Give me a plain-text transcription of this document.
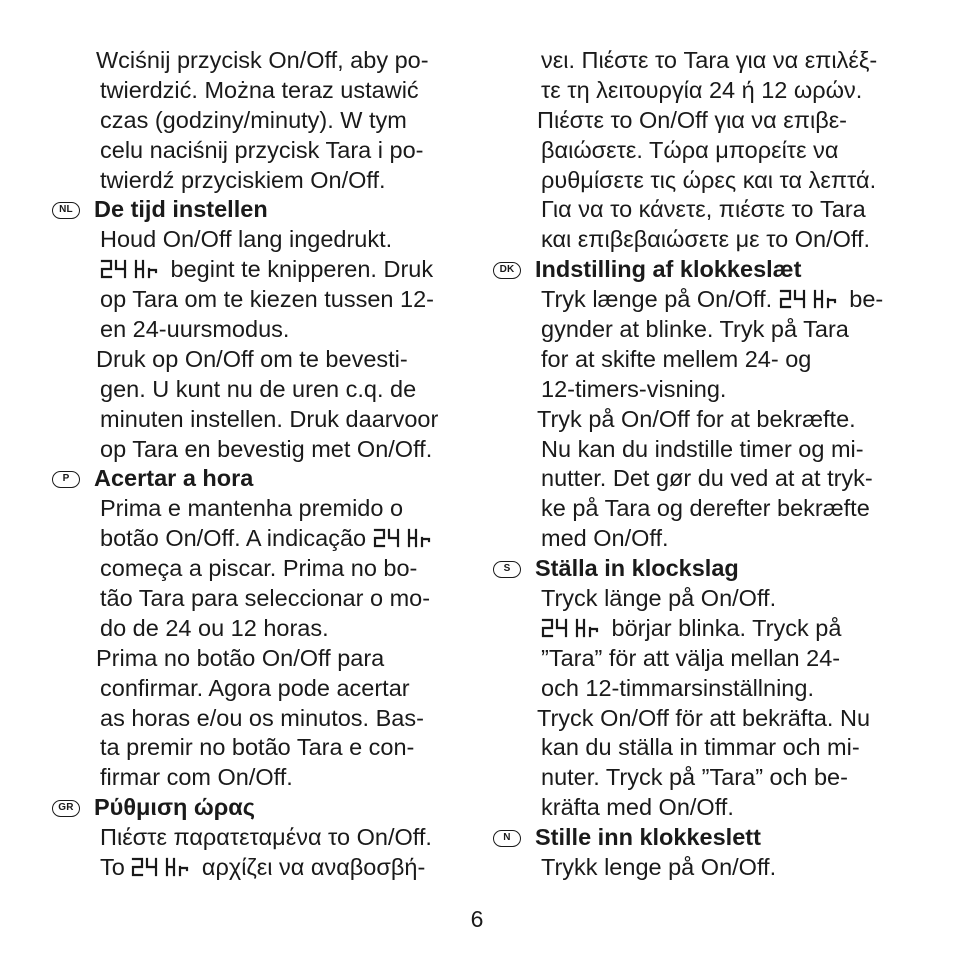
Wciśnij przycisk On/Off, aby po-
twierdzić. Można teraz ustawić
czas (godziny/minuty). W tym
celu naciśnij przycisk Tara i po-
twierdź przyciskiem On/Off.
NL De tijd instellen
Houd On/Off lang ingedrukt.
begint te knipperen. Druk
op Tara om te kiezen tussen 12-
en 24-uursmodus.
Druk op On/Off om te bevesti-
gen. U kunt nu de uren c.q. de
minuten instellen. Druk daarvoor
op Tara en bevestig met On/Off.
P	Acertar a hora
Prima e mantenha premido o
botão On/Off. A indicação
começa a piscar. Prima no bo-
tão Tara para seleccionar o mo-
do de 24 ou 12 horas.
Prima no botão On/Off para
confirmar. Agora pode acertar
as horas e/ou os minutos. Bas-
ta premir no botão Tara e con-
firmar com On/Off.
GR Ρύθμιση ώρας
Πιέστε παρατεταμένα το On/Off.
Το	αρχίζει να αναβοσβή-
νει. Πιέστε το Tara για να επιλέξ-
τε τη λειτουργία 24 ή 12 ωρών.
Πιέστε το On/Off για να επιβε-
βαιώσετε. Τώρα μπορείτε να
ρυθμίσετε τις ώρες και τα λεπτά.
Για να το κάνετε, πιέστε το Tara
και επιβεβαιώσετε με το On/Off.
DK Indstilling af klokkeslæt
Tryk længe på On/Off.	be-
gynder at blinke. Tryk på Tara
for at skifte mellem 24- og
12-timers-visning.
Tryk på On/Off for at bekræfte.
Nu kan du indstille timer og mi-
nutter. Det gør du ved at at tryk-
ke på Tara og derefter bekræfte
med On/Off.
S	Ställa in klockslag
Tryck länge på On/Off.
börjar blinka. Tryck på
”Tara” för att välja mellan 24-
och 12-timmarsinställning.
Tryck On/Off för att bekräfta. Nu
kan du ställa in timmar och mi-
nuter. Tryck på ”Tara” och be-
kräfta med On/Off.
N	Stille inn klokkeslett
Trykk lenge på On/Off.
6
